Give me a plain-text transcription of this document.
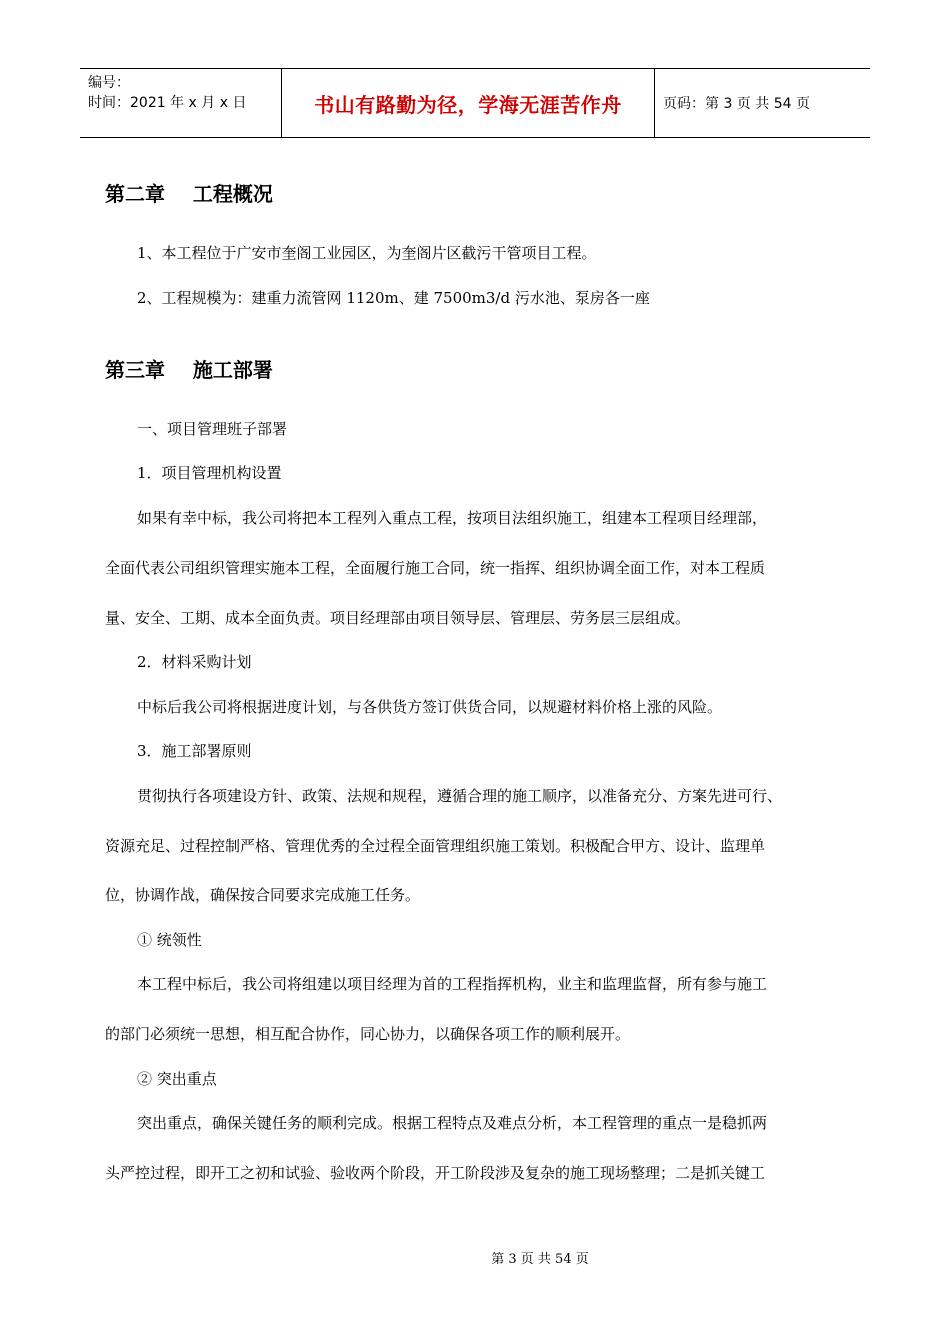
编号：
时间：2021 年 x 月 x 日	书山有路勤为径，学海无涯苦作舟	页码：第 3 页 共 54 页
第二章    工程概况
1、本工程位于广安市奎阁工业园区，为奎阁片区截污干管项目工程。
2、工程规模为：建重力流管网 1120m、建 7500m3/d 污水池、泵房各一座
第三章    施工部署
一、项目管理班子部署
1．项目管理机构设置
如果有幸中标，我公司将把本工程列入重点工程，按项目法组织施工，组建本工程项目经理部，
全面代表公司组织管理实施本工程，全面履行施工合同，统一指挥、组织协调全面工作，对本工程质
量、安全、工期、成本全面负责。项目经理部由项目领导层、管理层、劳务层三层组成。
2．材料采购计划
中标后我公司将根据进度计划，与各供货方签订供货合同，以规避材料价格上涨的风险。
3．施工部署原则
贯彻执行各项建设方针、政策、法规和规程，遵循合理的施工顺序，以准备充分、方案先进可行、
资源充足、过程控制严格、管理优秀的全过程全面管理组织施工策划。积极配合甲方、设计、监理单
位，协调作战，确保按合同要求完成施工任务。
① 统领性
本工程中标后，我公司将组建以项目经理为首的工程指挥机构，业主和监理监督，所有参与施工
的部门必须统一思想，相互配合协作，同心协力，以确保各项工作的顺利展开。
② 突出重点
突出重点，确保关键任务的顺利完成。根据工程特点及难点分析，本工程管理的重点一是稳抓两
头严控过程，即开工之初和试验、验收两个阶段，开工阶段涉及复杂的施工现场整理；二是抓关键工
第 3 页 共 54 页
